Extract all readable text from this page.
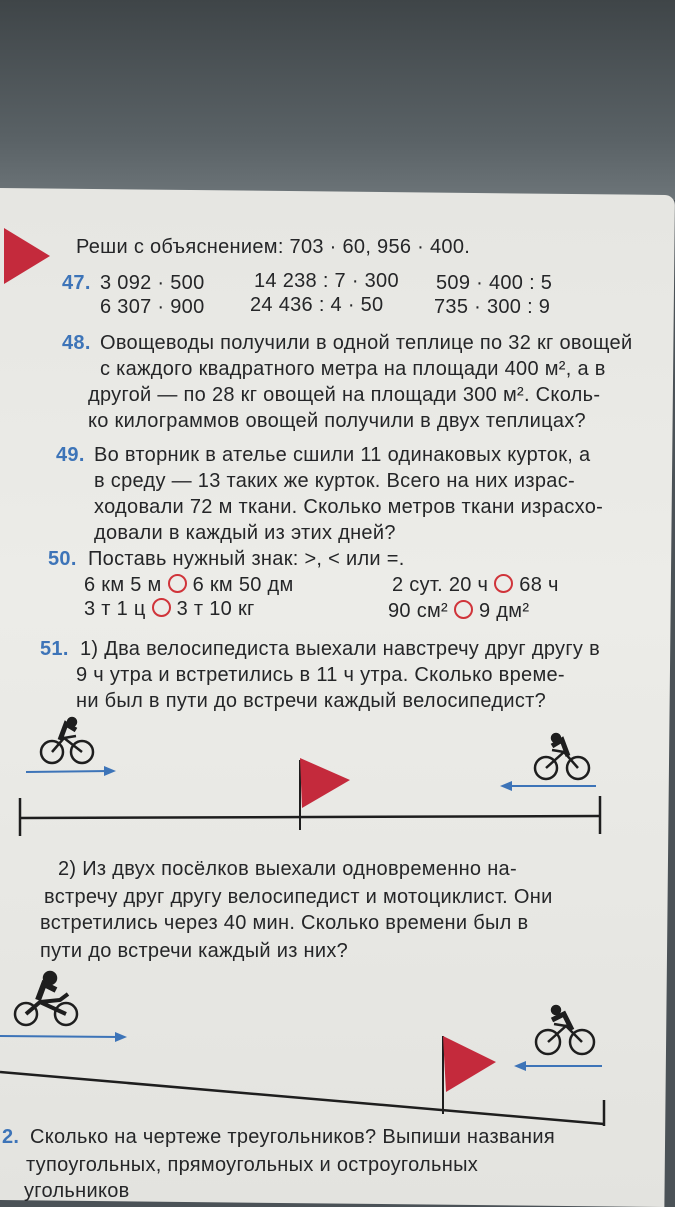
Реши с объяснением: 703 · 60, 956 · 400.
47. 3 092 · 500
6 307 · 900
14 238 : 7 · 300
24 436 : 4 · 50
509 · 400 : 5
735 · 300 : 9
48. Овощеводы получили в одной теплице по 32 кг овощей
с каждого квадратного метра на площади 400 м², а в
другой — по 28 кг овощей на площади 300 м². Сколь-
ко килограммов овощей получили в двух теплицах?
49. Во вторник в ателье сшили 11 одинаковых курток, а
в среду — 13 таких же курток. Всего на них израс-
ходовали 72 м ткани. Сколько метров ткани израсхо-
довали в каждый из этих дней?
50. Поставь нужный знак: >, < или =.
6 км 5 м 6 км 50 дм	2 сут. 20 ч 68 ч
3 т 1 ц 3 т 10 кг	90 см² 9 дм²
51. 1) Два велосипедиста выехали навстречу друг другу в
9 ч утра и встретились в 11 ч утра. Сколько време-
ни был в пути до встречи каждый велосипедист?
2) Из двух посёлков выехали одновременно на-
встречу друг другу велосипедист и мотоциклист. Они
встретились через 40 мин. Сколько времени был в
пути до встречи каждый из них?
2. Сколько на чертеже треугольников? Выпиши названия
тупоугольных, прямоугольных и остроугольных
угольников
